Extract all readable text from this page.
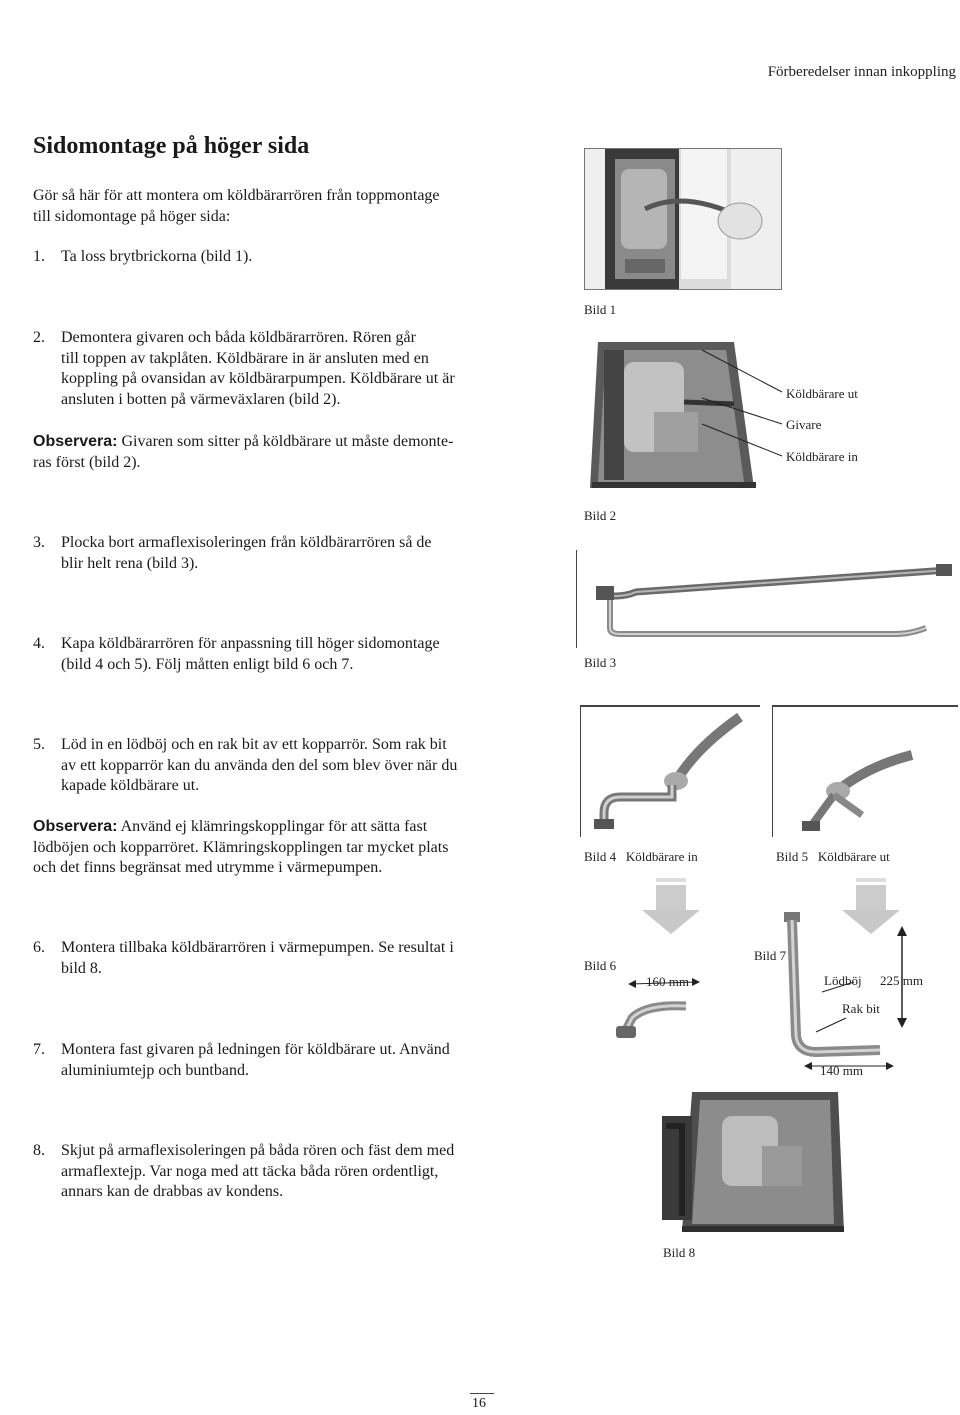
Förberedelser innan inkoppling
Sidomontage på höger sida
Gör så här för att montera om köldbärarrören från toppmontage
till sidomontage på höger sida:
1.	Ta loss brytbrickorna (bild 1).
2.	Demontera givaren och båda köldbärarrören. Rören går
till toppen av takplåten. Köldbärare in är ansluten med en
koppling på ovansidan av köldbärarpumpen. Köldbärare ut är
ansluten i botten på värmeväxlaren (bild 2).
Observera: Givaren som sitter på köldbärare ut måste demonte-
ras först (bild 2).
3.	Plocka bort armaflexisoleringen från köldbärarrören så de
blir helt rena (bild 3).
4.	Kapa köldbärarrören för anpassning till höger sidomontage
(bild 4 och 5). Följ måtten enligt bild 6 och 7.
5.	Löd in en lödböj och en rak bit av ett kopparrör. Som rak bit
av ett kopparrör kan du använda den del som blev över när du
kapade köldbärare ut.
Observera: Använd ej klämringskopplingar för att sätta fast
lödböjen och kopparröret. Klämringskopplingen tar mycket plats
och det finns begränsat med utrymme i värmepumpen.
6.	Montera tillbaka köldbärarrören i värmepumpen. Se resultat i
bild 8.
7.	Montera fast givaren på ledningen för köldbärare ut. Använd
aluminiumtejp och buntband.
8.	Skjut på armaflexisoleringen på båda rören och fäst dem med
armaflextejp. Var noga med att täcka båda rören ordentligt,
annars kan de drabbas av kondens.
Bild 1
Köldbärare ut
Givare
Köldbärare in
Bild 2
Bild 3
Bild 4 Köldbärare in	Bild 5 Köldbärare ut
Bild 6
160 mm
Bild 7
Lödböj 225 mm
Rak bit
140 mm
Bild 8
16
